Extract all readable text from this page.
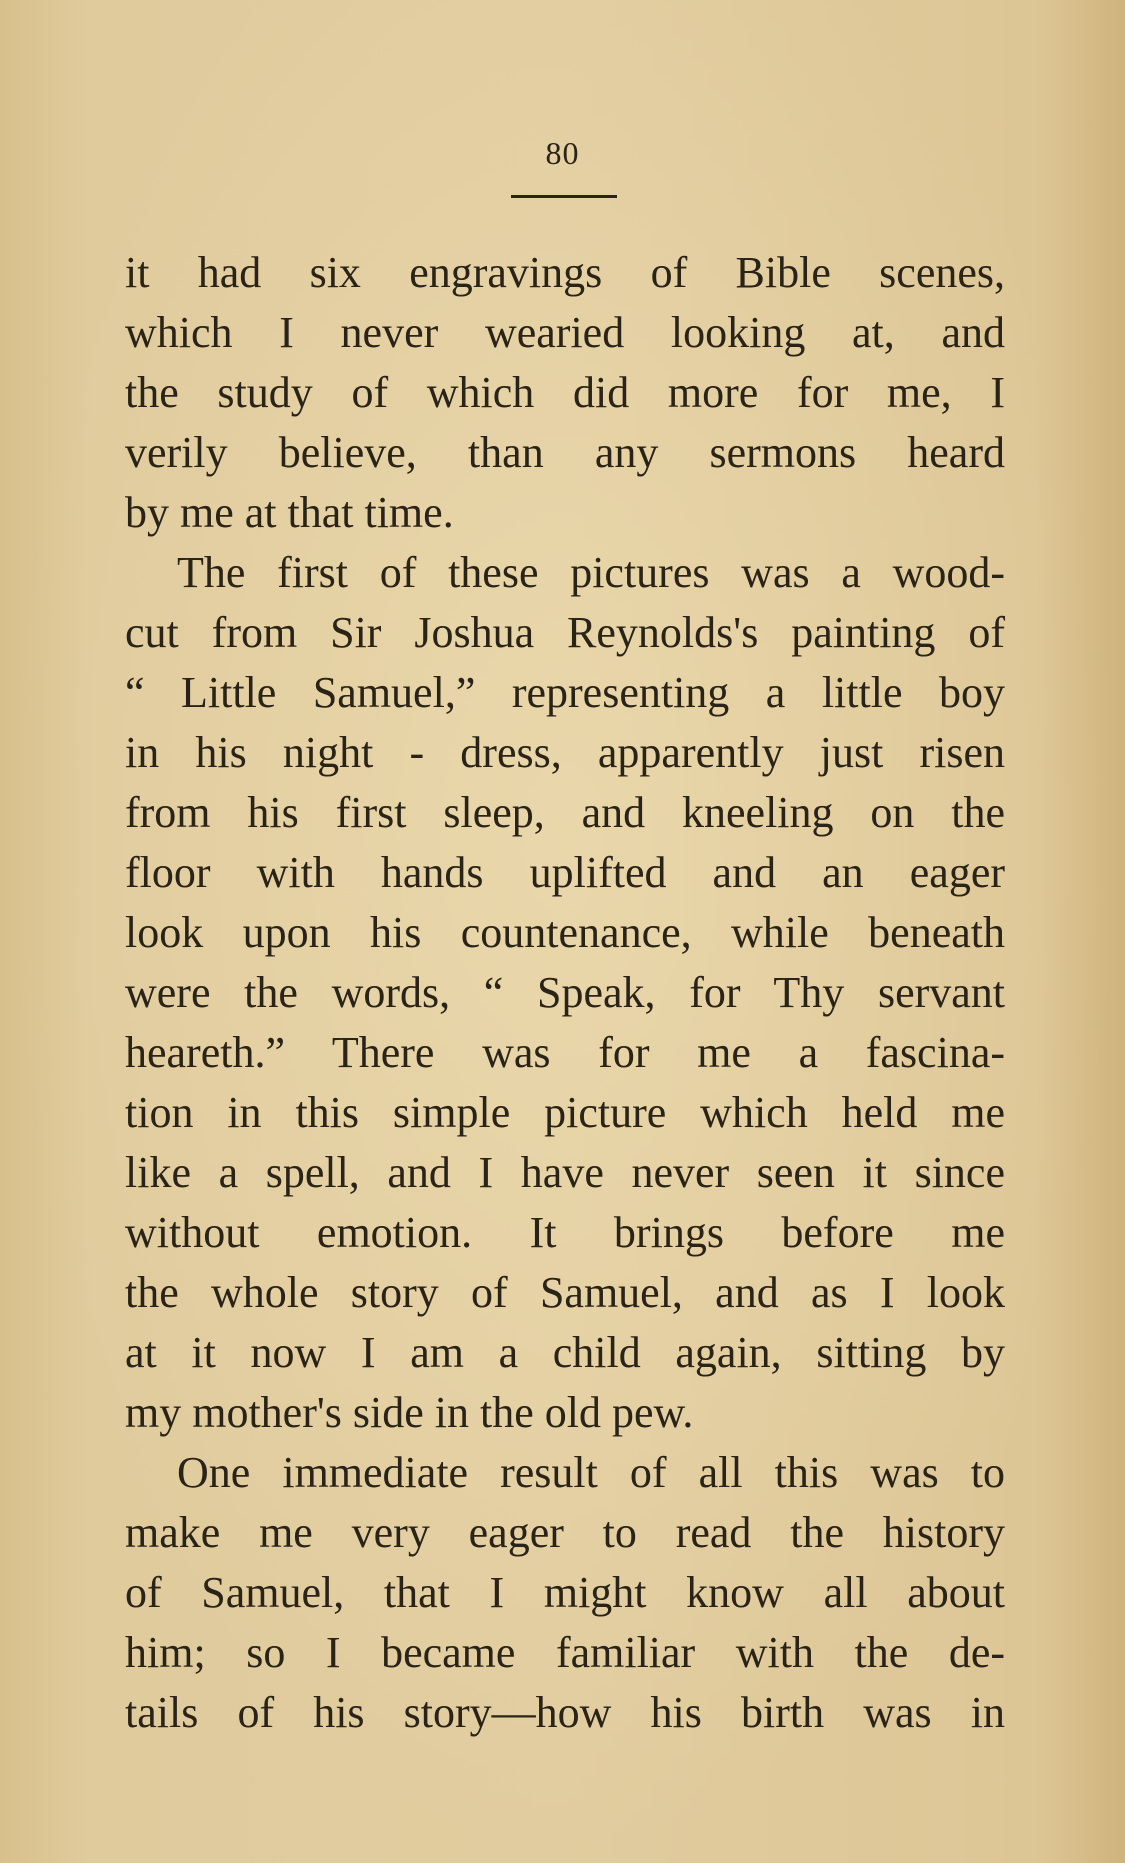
80
it had six engravings of Bible scenes,
which I never wearied looking at, and
the study of which did more for me, I
verily believe, than any sermons heard
by me at that time.
The first of these pictures was a wood-
cut from Sir Joshua Reynolds's painting of
“ Little Samuel,” representing a little boy
in his night - dress, apparently just risen
from his first sleep, and kneeling on the
floor with hands uplifted and an eager
look upon his countenance, while beneath
were the words, “ Speak, for Thy servant
heareth.” There was for me a fascina-
tion in this simple picture which held me
like a spell, and I have never seen it since
without emotion. It brings before me
the whole story of Samuel, and as I look
at it now I am a child again, sitting by
my mother's side in the old pew.
One immediate result of all this was to
make me very eager to read the history
of Samuel, that I might know all about
him; so I became familiar with the de-
tails of his story—how his birth was in
